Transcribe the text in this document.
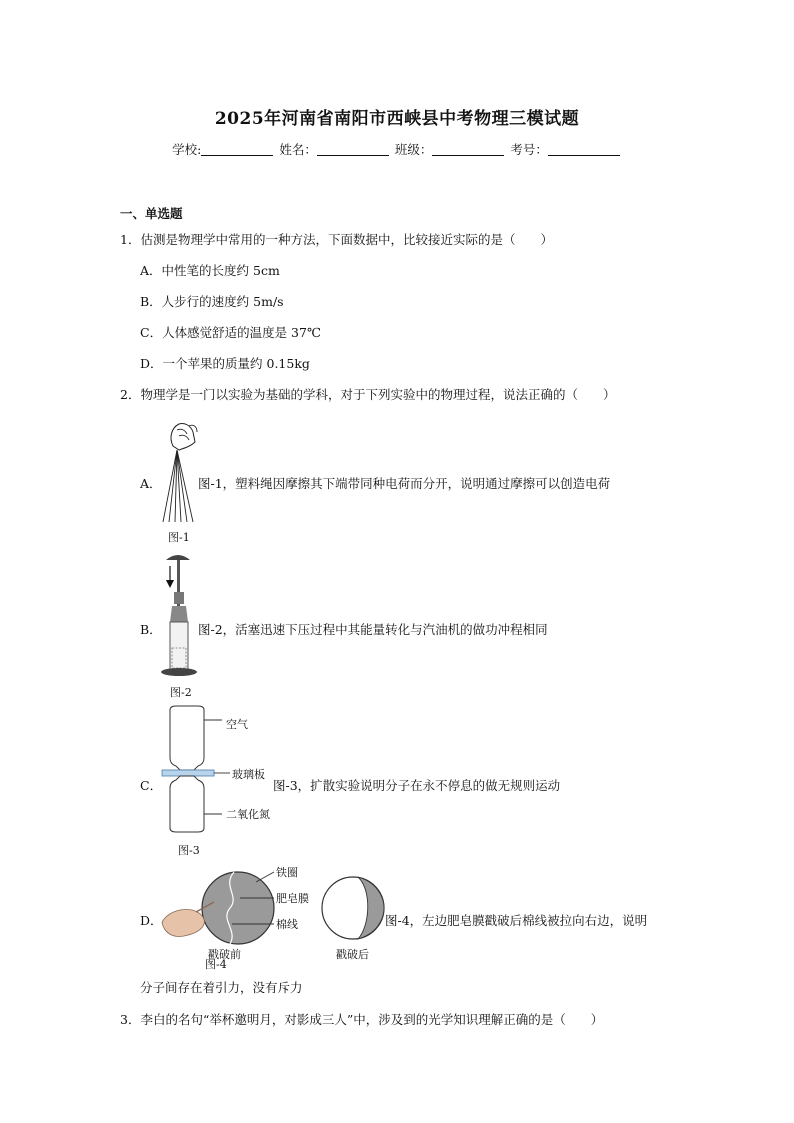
2025年河南省南阳市西峡县中考物理三模试题
学校:	姓名：	班级：	考号：
一、单选题
1．估测是物理学中常用的一种方法，下面数据中，比较接近实际的是（　　）
A．中性笔的长度约 5cm
B．人步行的速度约 5m/s
C．人体感觉舒适的温度是 37℃
D．一个苹果的质量约 0.15kg
2．物理学是一门以实验为基础的学科，对于下列实验中的物理过程，说法正确的（　　）
A．
图-1
图-1，塑料绳因摩擦其下端带同种电荷而分开，说明通过摩擦可以创造电荷
B．
图-2
图-2，活塞迅速下压过程中其能量转化与汽油机的做功冲程相同
C．
空气
玻璃板
二氧化氮
图-3
图-3，扩散实验说明分子在永不停息的做无规则运动
D．
铁圈
肥皂膜
棉线
戳破前	戳破后
图-4
图-4，左边肥皂膜戳破后棉线被拉向右边，说明
分子间存在着引力，没有斥力
3．李白的名句“举杯邀明月，对影成三人”中，涉及到的光学知识理解正确的是（　　）
